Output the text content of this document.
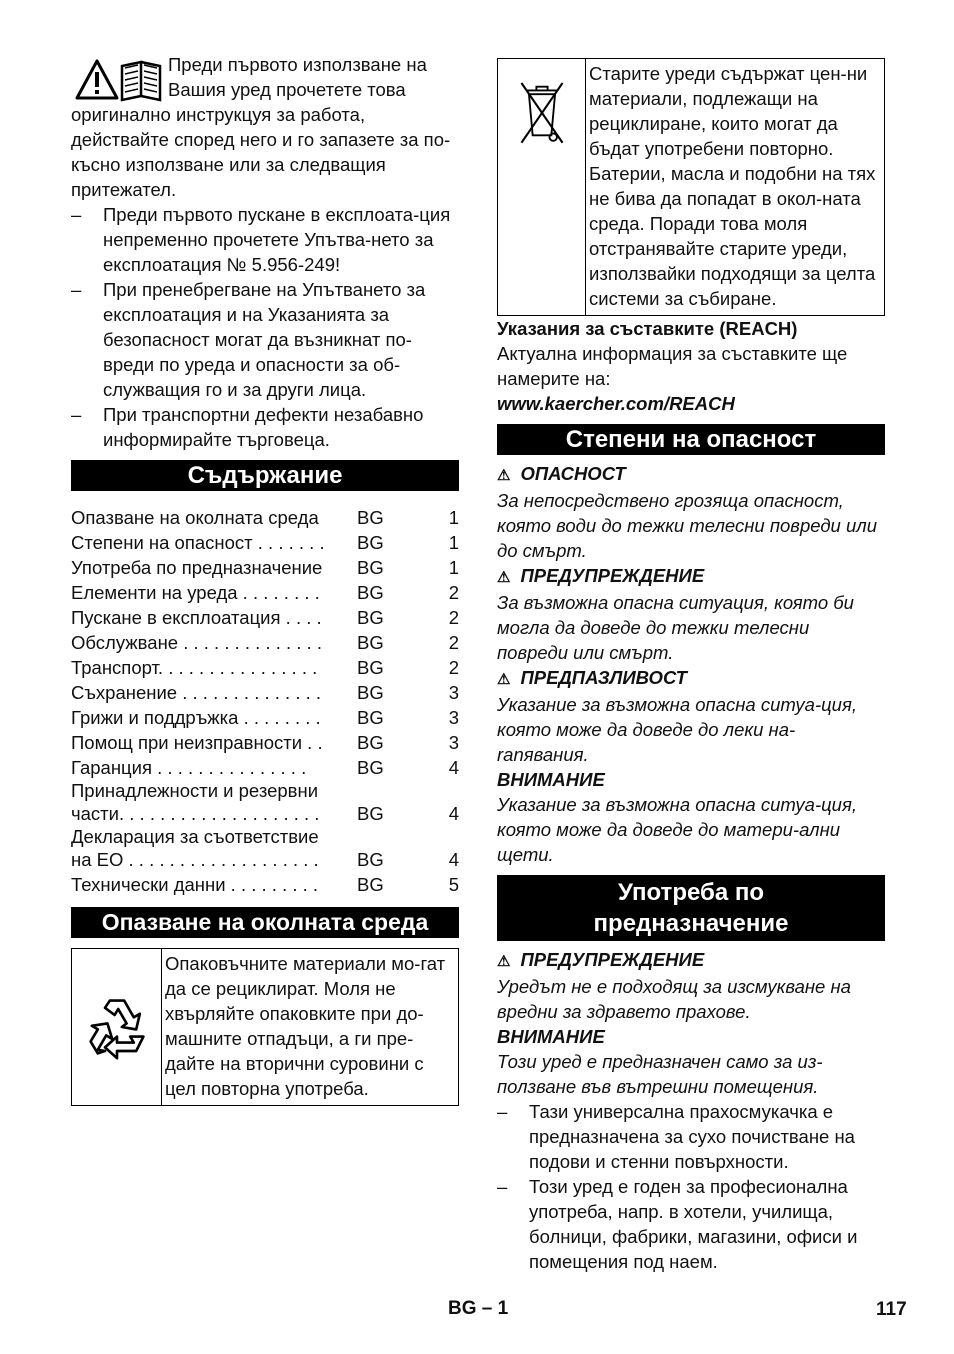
Преди първото използване на

Вашия уред прочетете това

оригинално инструкцуя за работа, действайте според него и го запазете за по-късно използване или за следващия притежател.

–	Преди първото пускане в експлоата-ция непременно прочетете Упътва-нето за експлоатация № 5.956-249!
–	При пренебрегване на Упътването за експлоатация и на Указанията за безопасност могат да възникнат по-вреди по уреда и опасности за об-служващия го и за други лица.
–	При транспортни дефекти незабавно информирайте търговеца.
Съдържание
Опазване на околната среда	BG	1
Степени на опасност . . . . . . .	BG	1
Употреба по предназначение	BG	1
Елементи на уреда . . . . . . . .	BG	2
Пускане в експлоатация . . . .	BG	2
Обслужване . . . . . . . . . . . . . .	BG	2
Транспорт. . . . . . . . . . . . . . . .	BG	2
Съхранение . . . . . . . . . . . . . .	BG	3
Грижи и поддръжка . . . . . . . .	BG	3
Помощ при неизправности . .	BG	3
Гаранция . . . . . . . . . . . . . . .	BG	4
Принадлежности и резервни
части. . . . . . . . . . . . . . . . . . . .	BG	4
Декларация за съответствие
на ЕО . . . . . . . . . . . . . . . . . . .	BG	4
Технически данни . . . . . . . . .	BG	5
Опазване на околната среда
Опаковъчните материали мо-гат да се рециклират. Моля не хвърляйте опаковките при до-машните отпадъци, а ги пре-дайте на вторични суровини с цел повторна употреба.
Старите уреди съдържат цен-ни материали, подлежащи на рециклиране, които могат да бъдат употребени повторно. Батерии, масла и подобни на тях не бива да попадат в окол-ната среда. Поради това моля отстранявайте старите уреди, използвайки подходящи за целта системи за събиране.

Указания за съставките (REACH)

Актуална информация за съставките ще намерите на:

www.kaercher.com/REACH

Степени на опасност

⚠ ОПАСНОСТ

За непосредствено грозяща опасност, която води до тежки телесни повреди или до смърт.

⚠ ПРЕДУПРЕЖДЕНИЕ

За възможна опасна ситуация, която би могла да доведе до тежки телесни повреди или смърт.

⚠ ПРЕДПАЗЛИВОСТ

Указание за възможна опасна ситуа-ция, която може да доведе до леки на-ranявания.

ВНИМАНИЕ

Указание за възможна опасна ситуа-ция, която може да доведе до матери-ални щети.

Употреба по
предназначение

⚠ ПРЕДУПРЕЖДЕНИЕ

Уредът не е подходящ за изсмукване на вредни за здравето прахове.

ВНИМАНИЕ

Този уред е предназначен само за из-ползване във вътрешни помещения.

–	Тази универсална прахосмукачка е предназначена за сухо почистване на подови и стенни повърхности.
–	Този уред е годен за професионална употреба, напр. в хотели, училища, болници, фабрики, магазини, офиси и помещения под наем.
BG – 1	117
